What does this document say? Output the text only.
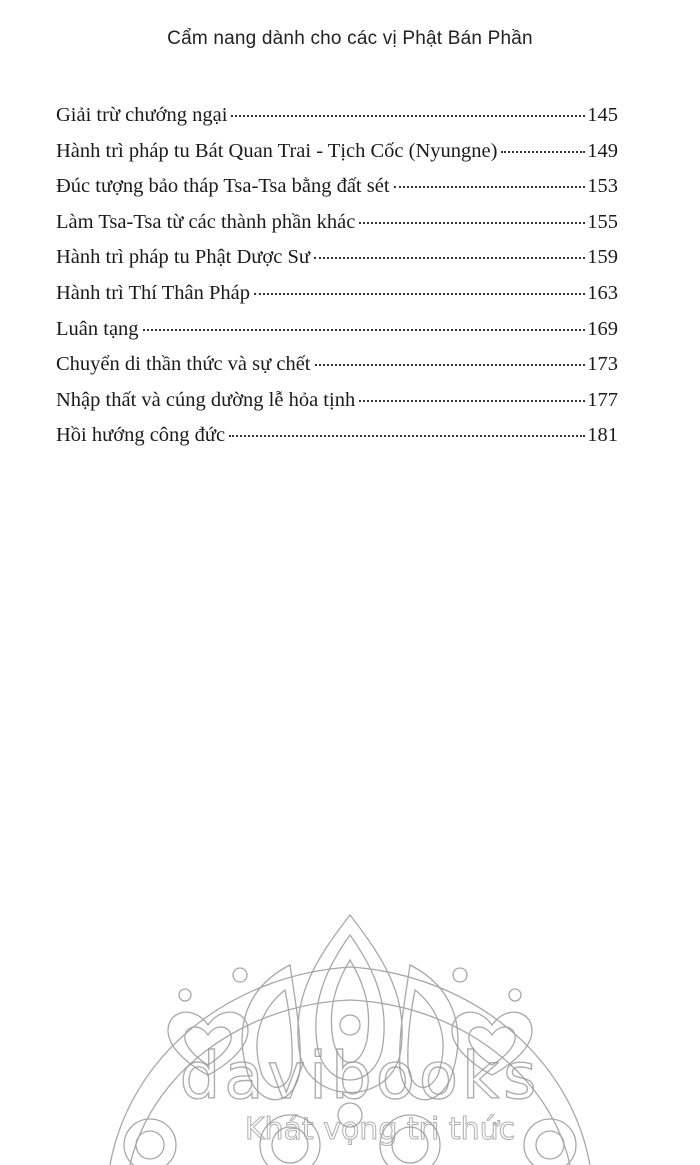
Cẩm nang dành cho các vị Phật Bán Phần
Giải trừ chướng ngại	145
Hành trì pháp tu Bát Quan Trai - Tịch Cốc (Nyungne)	149
Đúc tượng bảo tháp Tsa-Tsa bằng đất sét	153
Làm Tsa-Tsa từ các thành phần khác	155
Hành trì pháp tu Phật Dược Sư	159
Hành trì Thí Thân Pháp	163
Luân tạng	169
Chuyển di thần thức và sự chết	173
Nhập thất và cúng dường lễ hỏa tịnh	177
Hồi hướng công đức	181
davibooks
Khát vọng tri thức
